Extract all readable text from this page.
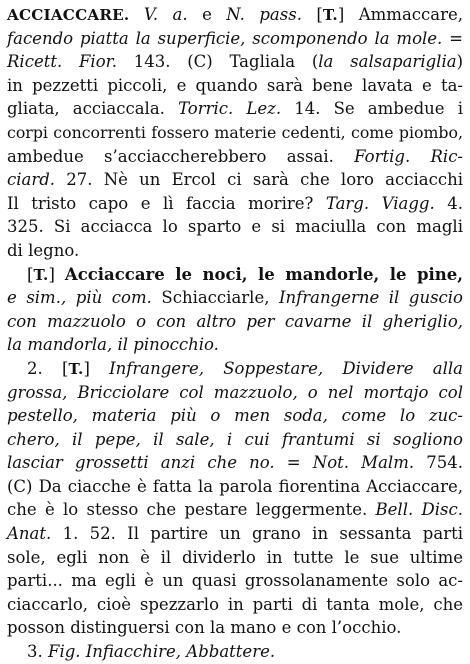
ACCIACCARE. V. a. e N. pass. [T.] Ammaccare,
facendo piatta la superficie, scomponendo la mole. =
Ricett. Fior. 143. (C) Tagliala (la salsapariglia)
in pezzetti piccoli, e quando sarà bene lavata e ta-
gliata, acciaccala. Torric. Lez. 14. Se ambedue i
corpi concorrenti fossero materie cedenti, come piombo,
ambedue s’acciaccherebbero assai. Fortig. Ric-
ciard. 27. Nè un Ercol ci sarà che loro acciacchi
Il tristo capo e lì faccia morire? Targ. Viagg. 4.
325. Si acciacca lo sparto e si maciulla con magli
di legno.
[T.] Acciaccare le noci, le mandorle, le pine,
e sim., più com. Schiacciarle, Infrangerne il guscio
con mazzuolo o con altro per cavarne il gheriglio,
la mandorla, il pinocchio.
2. [T.] Infrangere, Soppestare, Dividere alla
grossa, Bricciolare col mazzuolo, o nel mortajo col
pestello, materia più o men soda, come lo zuc-
chero, il pepe, il sale, i cui frantumi si sogliono
lasciar grossetti anzi che no. = Not. Malm. 754.
(C) Da ciacche è fatta la parola fiorentina Acciaccare,
che è lo stesso che pestare leggermente. Bell. Disc.
Anat. 1. 52. Il partire un grano in sessanta parti
sole, egli non è il dividerlo in tutte le sue ultime
parti... ma egli è un quasi grossolanamente solo ac-
ciaccarlo, cioè spezzarlo in parti di tanta mole, che
posson distinguersi con la mano e con l’occhio.
3. Fig. Infiacchire, Abbattere.
